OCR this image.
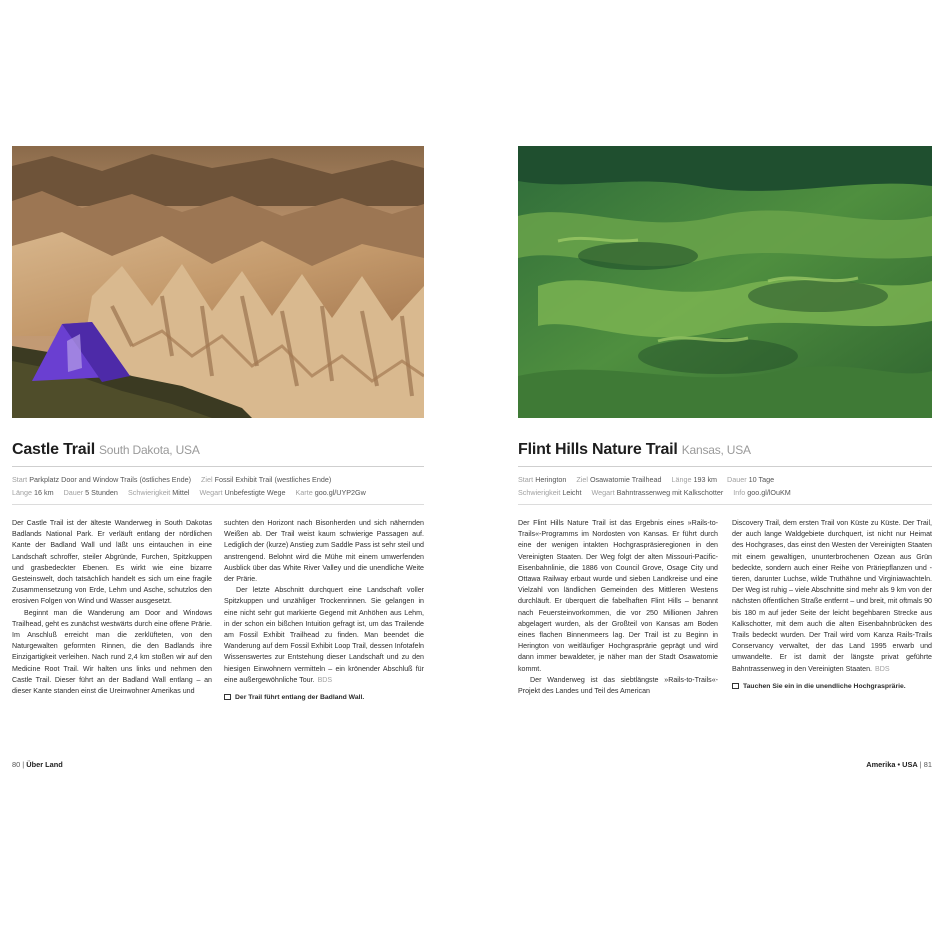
Castle Trail South Dakota, USA
Start Parkplatz Door and Window Trails (östliches Ende) Ziel Fossil Exhibit Trail (westliches Ende)
Länge 16 km Dauer 5 Stunden Schwierigkeit Mittel Wegart Unbefestigte Wege Karte goo.gl/UYP2Gw

Der Castle Trail ist der älteste Wanderweg in South Dakotas Badlands National Park. Er verläuft entlang der nördlichen Kante der Badland Wall und läßt uns eintauchen in eine Landschaft schroffer, steiler Abgründe, Furchen, Spitzkuppen und grasbedeckter Ebenen. Es wirkt wie eine bizarre Gesteinswelt, doch tatsächlich handelt es sich um eine fragile Zusammensetzung von Erde, Lehm und Asche, schutzlos den erosiven Folgen von Wind und Wasser ausgesetzt.

Beginnt man die Wanderung am Door and Windows Trailhead, geht es zunächst westwärts durch eine offene Prärie. Im Anschluß erreicht man die zerklüfteten, von den Naturgewalten geformten Rinnen, die den Badlands ihre Einzigartigkeit verleihen. Nach rund 2,4 km stoßen wir auf den Medicine Root Trail. Wir halten uns links und nehmen den Castle Trail. Dieser führt an der Badland Wall entlang – an dieser Kante standen einst die Ureinwohner Amerikas und

suchten den Horizont nach Bisonherden und sich nähernden Weißen ab. Der Trail weist kaum schwierige Passagen auf. Lediglich der (kurze) Anstieg zum Saddle Pass ist sehr steil und anstrengend. Belohnt wird die Mühe mit einem umwerfenden Ausblick über das White River Valley und die unendliche Weite der Prärie.

Der letzte Abschnitt durchquert eine Landschaft voller Spitzkuppen und unzähliger Trockenrinnen. Sie gelangen in eine nicht sehr gut markierte Gegend mit Anhöhen aus Lehm, in der schon ein bißchen Intuition gefragt ist, um das Trailende am Fossil Exhibit Trailhead zu finden. Man beendet die Wanderung auf dem Fossil Exhibit Loop Trail, dessen Infotafeln Wissenswertes zur Entstehung dieser Landschaft und zu den hiesigen Einwohnern vermitteln – ein krönender Abschluß für eine außergewöhnliche Tour. BDS

Der Trail führt entlang der Badland Wall.
80 | Über Land
Flint Hills Nature Trail Kansas, USA
Start Herington Ziel Osawatomie Trailhead Länge 193 km Dauer 10 Tage
Schwierigkeit Leicht Wegart Bahntrassenweg mit Kalkschotter Info goo.gl/lOuKM

Der Flint Hills Nature Trail ist das Ergebnis eines »Rails-to-Trails«-Programms im Nordosten von Kansas. Er führt durch eine der wenigen intakten Hochgraspräsieregionen in den Vereinigten Staaten. Der Weg folgt der alten Missouri-Pacific-Eisenbahnlinie, die 1886 von Council Grove, Osage City und Ottawa Railway erbaut wurde und sieben Landkreise und eine Vielzahl von ländlichen Gemeinden des Mittleren Westens durchläuft. Er überquert die fabelhaften Flint Hills – benannt nach Feuersteinvorkommen, die vor 250 Millionen Jahren abgelagert wurden, als der Großteil von Kansas am Boden eines flachen Binnenmeers lag. Der Trail ist zu Beginn in Herington von weitläufiger Hochgrasprärie geprägt und wird dann immer bewaldeter, je näher man der Stadt Osawatomie kommt.

Der Wanderweg ist das siebtlängste »Rails-to-Trails«-Projekt des Landes und Teil des American

Discovery Trail, dem ersten Trail von Küste zu Küste. Der Trail, der auch lange Waldgebiete durchquert, ist nicht nur Heimat des Hochgrases, das einst den Westen der Vereinigten Staaten mit einem gewaltigen, ununterbrochenen Ozean aus Grün bedeckte, sondern auch einer Reihe von Präriepflanzen und -tieren, darunter Luchse, wilde Truthähne und Virginiawachteln. Der Weg ist ruhig – viele Abschnitte sind mehr als 9 km von der nächsten öffentlichen Straße entfernt – und breit, mit oftmals 90 bis 180 m auf jeder Seite der leicht begehbaren Strecke aus Kalkschotter, mit dem auch die alten Eisenbahnbrücken des Trails bedeckt wurden. Der Trail wird vom Kanza Rails-Trails Conservancy verwaltet, der das Land 1995 erwarb und umwandelte. Er ist damit der längste privat geführte Bahntrassenweg in den Vereinigten Staaten. BDS

Tauchen Sie ein in die unendliche Hochgrasprärie.
Amerika • USA | 81
